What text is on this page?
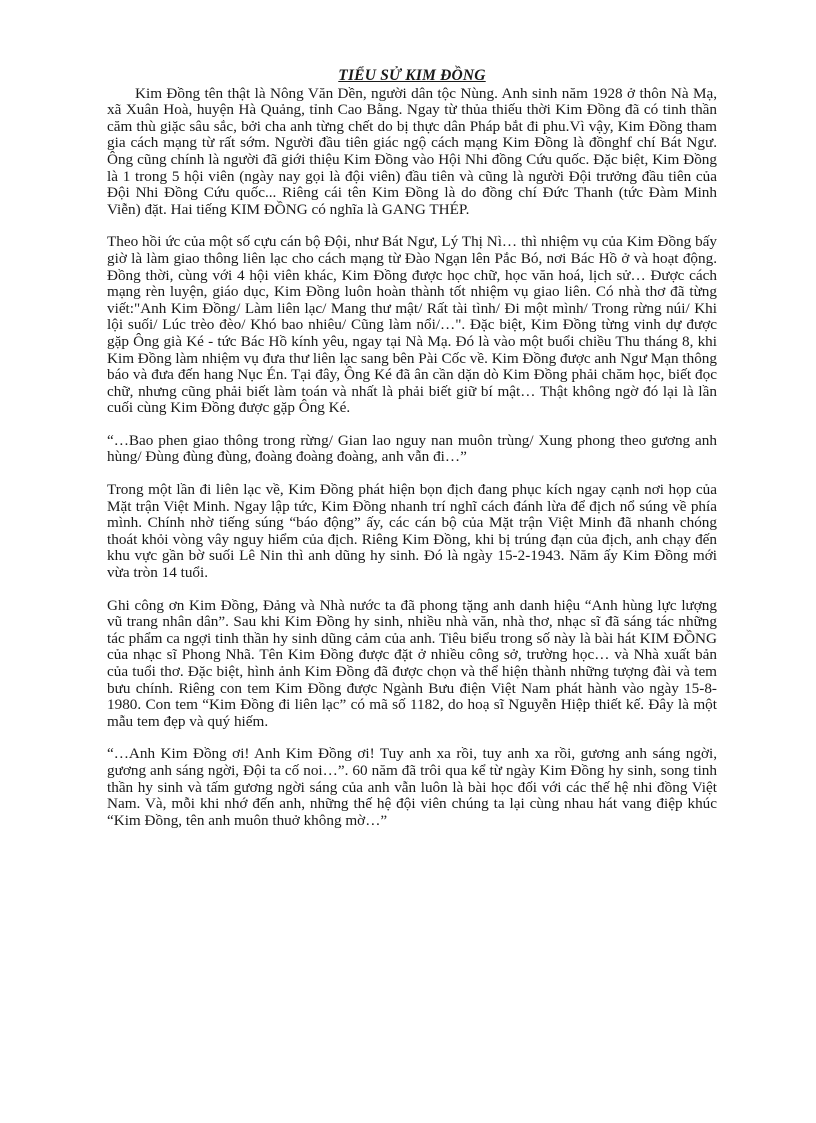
TIỂU SỬ KIM ĐỒNG

Kim Đồng tên thật là Nông Văn Dền, người dân tộc Nùng. Anh sinh năm 1928 ở thôn Nà Mạ, xã Xuân Hoà, huyện Hà Quảng, tỉnh Cao Bằng. Ngay từ thủa thiếu thời Kim Đồng đã có tinh thần căm thù giặc sâu sắc, bởi cha anh từng chết do bị thực dân Pháp bắt đi phu.Vì vậy, Kim Đồng tham gia cách mạng từ rất sớm. Người đầu tiên giác ngộ cách mạng Kim Đồng là đồnghf chí Bát Ngư. Ông cũng chính là người đã giới thiệu Kim Đồng vào Hội Nhi đồng Cứu quốc. Đặc biệt, Kim Đồng là 1 trong 5 hội viên (ngày nay gọi là đội viên) đầu tiên và cũng là người Đội trưởng đầu tiên của Đội Nhi Đồng Cứu quốc... Riêng cái tên Kim Đồng là do đồng chí Đức Thanh (tức Đàm Minh Viễn) đặt. Hai tiếng KIM ĐỒNG có nghĩa là GANG THÉP.

Theo hồi ức của một số cựu cán bộ Đội, như Bát Ngư, Lý Thị Nì… thì nhiệm vụ của Kim Đồng bấy giờ là làm giao thông liên lạc cho cách mạng từ Đào Ngạn lên Pắc Bó, nơi Bác Hồ ở và hoạt động. Đồng thời, cùng với 4 hội viên khác, Kim Đồng được học chữ, học văn hoá, lịch sử… Được cách mạng rèn luyện, giáo dục, Kim Đồng luôn hoàn thành tốt nhiệm vụ giao liên. Có nhà thơ đã từng viết:"Anh Kim Đồng/ Làm liên lạc/ Mang thư mật/ Rất tài tình/ Đi một mình/ Trong rừng núi/ Khi lội suối/ Lúc trèo đèo/ Khó bao nhiêu/ Cũng làm nổi/…". Đặc biệt, Kim Đồng từng vinh dự được gặp Ông già Ké - tức Bác Hồ kính yêu, ngay tại Nà Mạ. Đó là vào một buổi chiều Thu tháng 8, khi Kim Đồng làm nhiệm vụ đưa thư liên lạc sang bên Pài Cốc về. Kim Đồng được anh Ngư Mạn thông báo và đưa đến hang Nục Én. Tại đây, Ông Ké đã ân cần dặn dò Kim Đồng phải chăm học, biết đọc chữ, nhưng cũng phải biết làm toán và nhất là phải biết giữ bí mật… Thật không ngờ đó lại là lần cuối cùng Kim Đồng được gặp Ông Ké.

“…Bao phen giao thông trong rừng/ Gian lao nguy nan muôn trùng/ Xung phong theo gương anh hùng/ Đùng đùng đùng, đoàng đoàng đoàng, anh vẫn đi…”

Trong một lần đi liên lạc về, Kim Đồng phát hiện bọn địch đang phục kích ngay cạnh nơi họp của Mặt trận Việt Minh. Ngay lập tức, Kim Đồng nhanh trí nghĩ cách đánh lừa để địch nổ súng về phía mình. Chính nhờ tiếng súng “báo động” ấy, các cán bộ của Mặt trận Việt Minh đã nhanh chóng thoát khỏi vòng vây nguy hiểm của địch. Riêng Kim Đồng, khi bị trúng đạn của địch, anh chạy đến khu vực gần bờ suối Lê Nin thì anh dũng hy sinh. Đó là ngày 15-2-1943. Năm ấy Kim Đồng mới vừa tròn 14 tuổi.

Ghi công ơn Kim Đồng, Đảng và Nhà nước ta đã phong tặng anh danh hiệu “Anh hùng lực lượng vũ trang nhân dân”. Sau khi Kim Đồng hy sinh, nhiều nhà văn, nhà thơ, nhạc sĩ đã sáng tác những tác phẩm ca ngợi tinh thần hy sinh dũng cảm của anh. Tiêu biểu trong số này là bài hát KIM ĐỒNG của nhạc sĩ Phong Nhã. Tên Kim Đồng được đặt ở nhiều công sở, trường học… và Nhà xuất bản của tuổi thơ. Đặc biệt, hình ảnh Kim Đồng đã được chọn và thể hiện thành những tượng đài và tem bưu chính. Riêng con tem Kim Đồng được Ngành Bưu điện Việt Nam phát hành vào ngày 15-8-1980. Con tem “Kim Đồng đi liên lạc” có mã số 1182, do hoạ sĩ Nguyễn Hiệp thiết kế. Đây là một mẫu tem đẹp và quý hiếm.

“…Anh Kim Đồng ơi! Anh Kim Đồng ơi! Tuy anh xa rồi, tuy anh xa rồi, gương anh sáng ngời, gương anh sáng ngời, Đội ta cố noi…”. 60 năm đã trôi qua kể từ ngày Kim Đồng hy sinh, song tinh thần hy sinh và tấm gương ngời sáng của anh vẫn luôn là bài học đối với các thế hệ nhi đồng Việt Nam. Và, mỗi khi nhớ đến anh, những thế hệ đội viên chúng ta lại cùng nhau hát vang điệp khúc “Kim Đồng, tên anh muôn thuở không mờ…”
